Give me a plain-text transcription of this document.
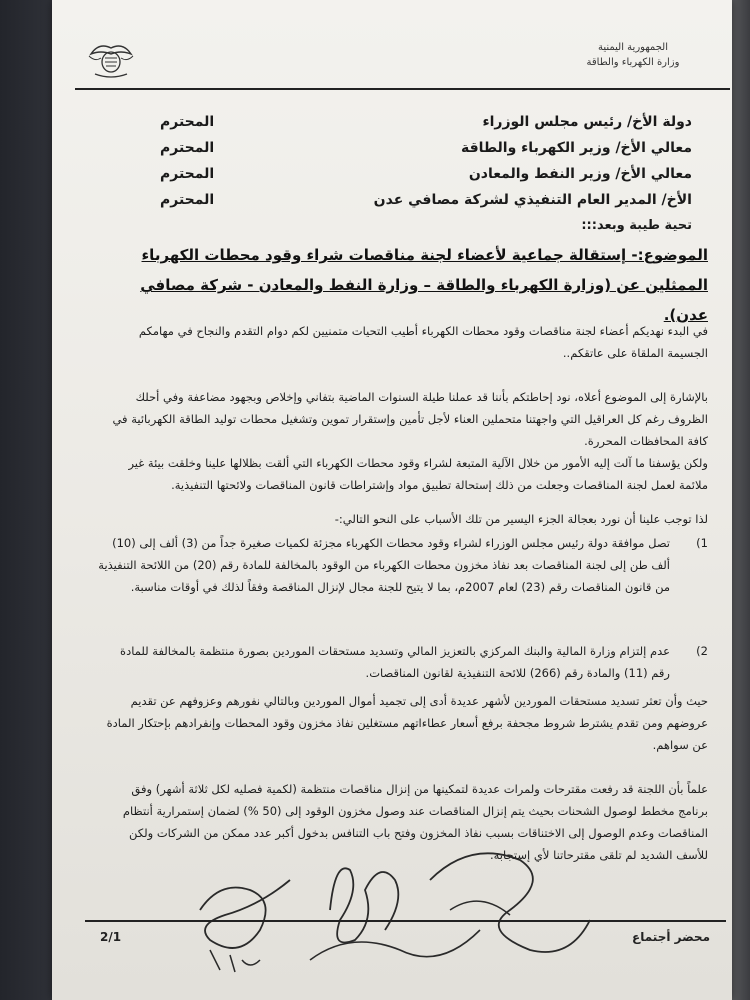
الجمهورية اليمنية
وزارة الكهرباء والطاقة
دولة الأخ/ رئيس مجلس الوزراء
المحترم
معالي الأخ/ وزير الكهرباء والطاقة
المحترم
معالي الأخ/ وزير النفط والمعادن
المحترم
الأخ/ المدير العام التنفيذي لشركة مصافي عدن
المحترم
تحية طيبة وبعد:::
الموضوع:- إستقالة جماعية لأعضاء لجنة مناقصات شراء وقود محطات الكهرباء
الممثلين عن (وزارة الكهرباء والطاقة – وزارة النفط والمعادن - شركة مصافي عدن).
في البدء نهديكم أعضاء لجنة مناقصات وقود محطات الكهرباء أطيب التحيات متمنيين لكم دوام التقدم والنجاح في مهامكم الجسيمة الملقاة على عاتقكم..
بالإشارة إلى الموضوع أعلاه، نود إحاطتكم بأننا قد عملنا طيلة السنوات الماضية بتفاني وإخلاص وبجهود مضاعفة وفي أحلك الظروف رغم كل العراقيل التي واجهتنا متحملين العناء لأجل تأمين وإستقرار تموين وتشغيل محطات توليد الطاقة الكهربائية في كافة المحافظات المحررة.
ولكن يؤسفنا ما آلت إليه الأمور من خلال الآلية المتبعة لشراء وقود محطات الكهرباء التي ألقت بظلالها علينا وخلقت بيئة غير ملائمة لعمل لجنة المناقصات وجعلت من ذلك إستحالة تطبيق مواد وإشتراطات قانون المناقصات ولائحتها التنفيذية.
لذا توجب علينا أن نورد بعجالة الجزء اليسير من تلك الأسباب على النحو التالي:-
1)
تصل موافقة دولة رئيس مجلس الوزراء لشراء وقود محطات الكهرباء مجزئة لكميات صغيرة جداً من (3) ألف إلى (10) ألف طن إلى لجنة المناقصات بعد نفاذ مخزون محطات الكهرباء من الوقود بالمخالفة للمادة رقم (20) من اللائحة التنفيذية من قانون المناقصات رقم (23) لعام 2007م، بما لا يتيح للجنة مجال لإنزال المناقصة وفقاً لذلك في أوقات مناسبة.
2)
عدم إلتزام وزارة المالية والبنك المركزي بالتعزيز المالي وتسديد مستحقات الموردين بصورة منتظمة بالمخالفة للمادة رقم (11) والمادة رقم (266) للائحة التنفيذية لقانون المناقصات.
حيث وأن تعثر تسديد مستحقات الموردين لأشهر عديدة أدى إلى تجميد أموال الموردين وبالتالي نفورهم وعزوفهم عن تقديم عروضهم ومن تقدم يشترط شروط مجحفة برفع أسعار عطاءاتهم مستغلين نفاذ مخزون وقود المحطات وإنفرادهم بإحتكار المادة عن سواهم.
علماً بأن اللجنة قد رفعت مقترحات ولمرات عديدة لتمكينها من إنزال مناقصات منتظمة (لكمية فصليه لكل ثلاثة أشهر) وفق برنامج مخطط لوصول الشحنات بحيث يتم إنزال المناقصات عند وصول مخزون الوقود إلى (50 %) لضمان إستمرارية أنتظام المناقصات وعدم الوصول إلى الاختناقات بسبب نفاذ المخزون وفتح باب التنافس بدخول أكبر عدد ممكن من الشركات ولكن للأسف الشديد لم تلقى مقترحاتنا لأي إستجابة.
2/1	محضر أجتماع
